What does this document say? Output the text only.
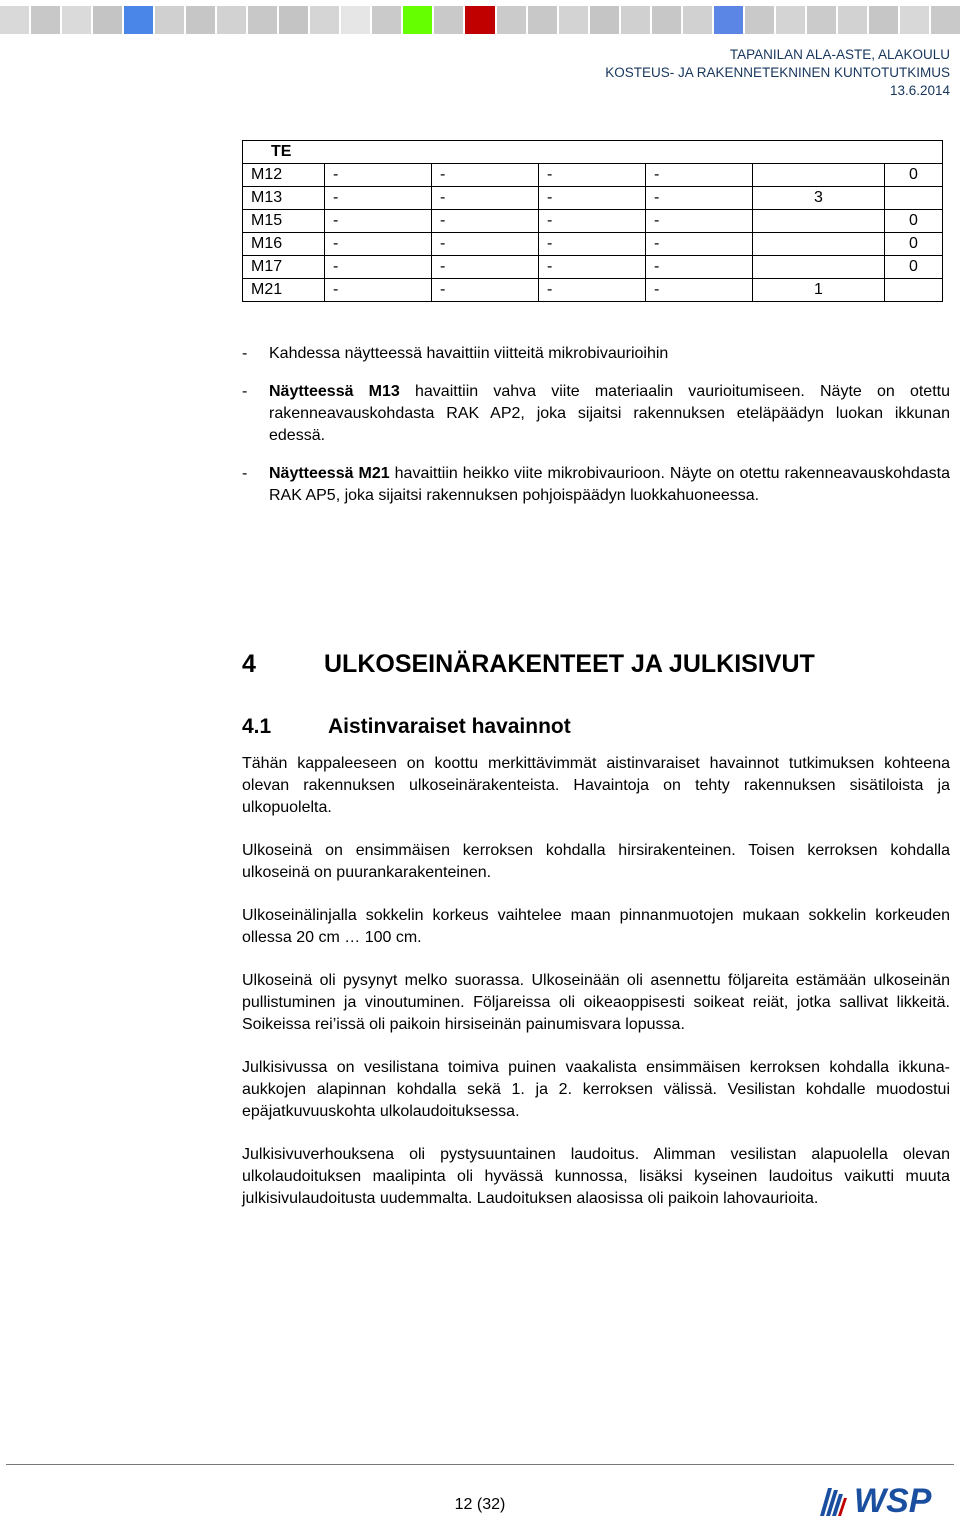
TAPANILAN ALA-ASTE, ALAKOULU
KOSTEUS- JA RAKENNETEKNINEN KUNTOTUTKIMUS
13.6.2014
TE						
M12	-	-	-	-		0
M13	-	-	-	-	3	
M15	-	-	-	-		0
M16	-	-	-	-		0
M17	-	-	-	-		0
M21	-	-	-	-	1	
- Kahdessa näytteessä havaittiin viitteitä mikrobivaurioihin
- Näytteessä M13 havaittiin vahva viite materiaalin vaurioitumiseen. Näyte on otettu rakenneavauskohdasta RAK AP2, joka sijaitsi rakennuksen eteläpäädyn luokan ikkunan edessä.
- Näytteessä M21 havaittiin heikko viite mikrobivaurioon. Näyte on otettu rakenneavauskohdasta RAK AP5, joka sijaitsi rakennuksen pohjoispäädyn luokkahuoneessa.
4	ULKOSEINÄRAKENTEET JA JULKISIVUT
4.1	Aistinvaraiset havainnot

Tähän kappaleeseen on koottu merkittävimmät aistinvaraiset havainnot tutkimuksen kohteena olevan rakennuksen ulkoseinärakenteista. Havaintoja on tehty rakennuksen sisätiloista ja ulkopuolelta.

Ulkoseinä on ensimmäisen kerroksen kohdalla hirsirakenteinen. Toisen kerroksen kohdalla ulkoseinä on puurankarakenteinen.

Ulkoseinälinjalla sokkelin korkeus vaihtelee maan pinnanmuotojen mukaan sokkelin korkeuden ollessa 20 cm … 100 cm.

Ulkoseinä oli pysynyt melko suorassa. Ulkoseinään oli asennettu följareita estämään ulkoseinän pullistuminen ja vinoutuminen. Följareissa oli oikeaoppisesti soikeat reiät, jotka sallivat likkeitä. Soikeissa rei’issä oli paikoin hirsiseinän painumisvara lopussa.

Julkisivussa on vesilistana toimiva puinen vaakalista ensimmäisen kerroksen kohdalla ikkuna-aukkojen alapinnan kohdalla sekä 1. ja 2. kerroksen välissä. Vesilistan kohdalle muodostui epäjatkuvuuskohta ulkolaudoituksessa.

Julkisivuverhouksena oli pystysuuntainen laudoitus. Alimman vesilistan alapuolella olevan ulkolaudoituksen maalipinta oli hyvässä kunnossa, lisäksi kyseinen laudoitus vaikutti muuta julkisivulaudoitusta uudemmalta. Laudoituksen alaosissa oli paikoin lahovaurioita.

12 (32)	WSP
